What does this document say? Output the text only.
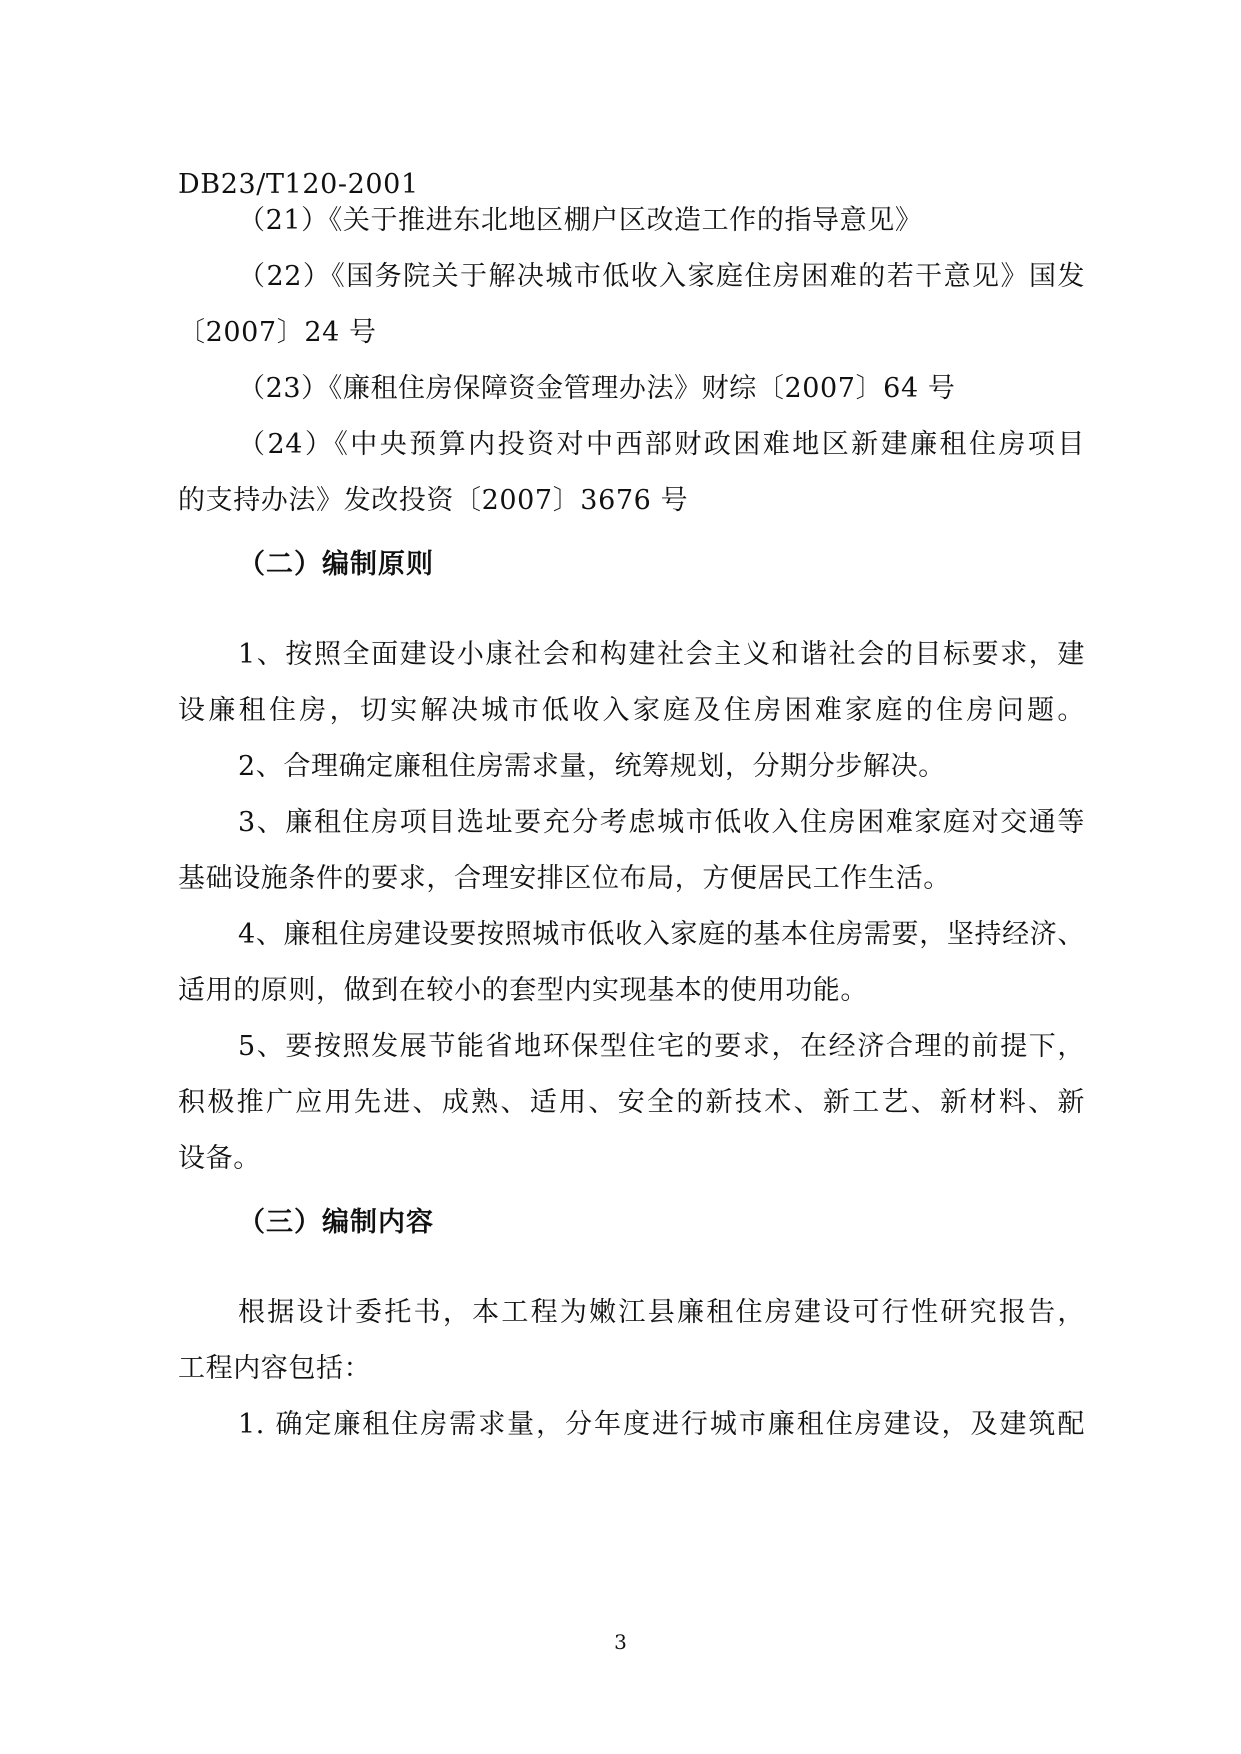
DB23/T120-2001
（21）《关于推进东北地区棚户区改造工作的指导意见》
（22）《国务院关于解决城市低收入家庭住房困难的若干意见》国发
〔2007〕24 号
（23）《廉租住房保障资金管理办法》财综〔2007〕64 号
（24）《中央预算内投资对中西部财政困难地区新建廉租住房项目
的支持办法》发改投资〔2007〕3676 号
（二）编制原则
1、按照全面建设小康社会和构建社会主义和谐社会的目标要求，建
设廉租住房，切实解决城市低收入家庭及住房困难家庭的住房问题。
2、合理确定廉租住房需求量，统筹规划，分期分步解决。
3、廉租住房项目选址要充分考虑城市低收入住房困难家庭对交通等
基础设施条件的要求，合理安排区位布局，方便居民工作生活。
4、廉租住房建设要按照城市低收入家庭的基本住房需要，坚持经济、
适用的原则，做到在较小的套型内实现基本的使用功能。
5、要按照发展节能省地环保型住宅的要求，在经济合理的前提下，
积极推广应用先进、成熟、适用、安全的新技术、新工艺、新材料、新
设备。
（三）编制内容
根据设计委托书，本工程为嫩江县廉租住房建设可行性研究报告，
工程内容包括：
1. 确定廉租住房需求量，分年度进行城市廉租住房建设，及建筑配
3
